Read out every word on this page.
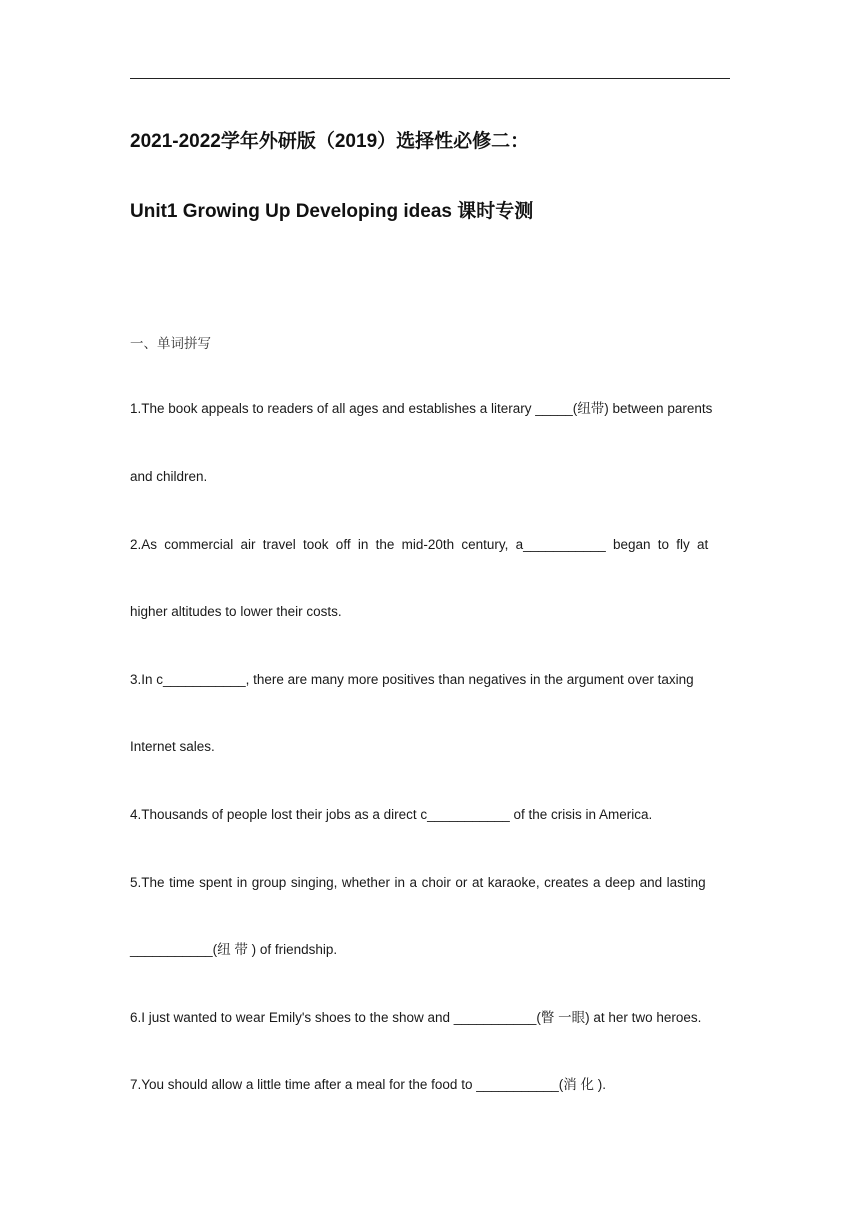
2021-2022学年外研版（2019）选择性必修二：
Unit1 Growing Up Developing ideas 课时专测
一、单词拼写
1.The book appeals to readers of all ages and establishes a literary _____(纽带) between parents
and children.
2.As commercial air travel took off in the mid-20th century, a___________ began to fly at
higher altitudes to lower their costs.
3.In c___________, there are many more positives than negatives in the argument over taxing
Internet sales.
4.Thousands of people lost their jobs as a direct c___________ of the crisis in America.
5.The time spent in group singing, whether in a choir or at karaoke, creates a deep and lasting
___________(纽 带 ) of friendship.
6.I just wanted to wear Emily's shoes to the show and ___________(瞥 一眼) at her two heroes.
7.You should allow a little time after a meal for the food to ___________(消 化 ).
